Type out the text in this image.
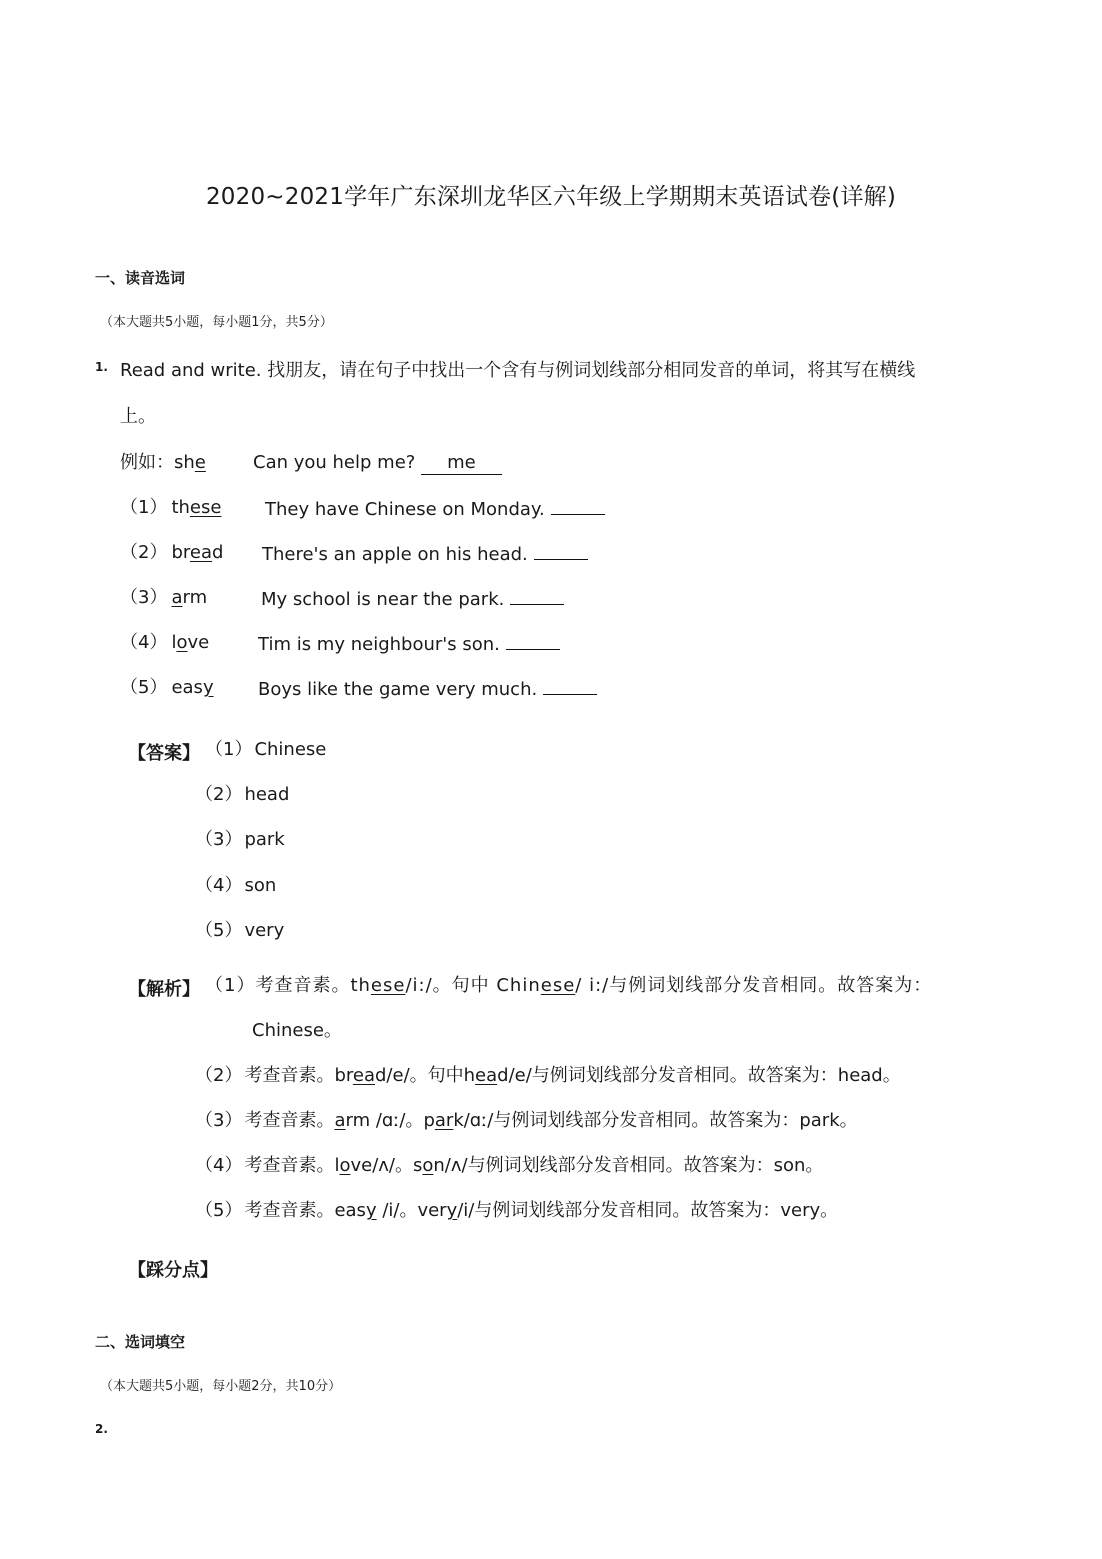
2020~2021学年广东深圳龙华区六年级上学期期末英语试卷(详解)
一、读音选词
（本大题共5小题，每小题1分，共5分）
1. Read and write. 找朋友，请在句子中找出一个含有与例词划线部分相同发音的单词，将其写在横线
上。
例如：she	Can you help me? me
（1） these They have Chinese on Monday.
（2） bread There's an apple on his head.
（3） arm	My school is near the park.
（4） love	Tim is my neighbour's son.
（5） easy Boys like the game very much.
【答案】 （1） Chinese
（2） head
（3） park
（4） son
（5） very
【解析】 （1）考查音素。these/i:/。句中 Chinese/ i:/与例词划线部分发音相同。故答案为：
Chinese。
（2） 考查音素。bread/e/。句中head/e/与例词划线部分发音相同。故答案为：head。
（3） 考查音素。arm /ɑː/。park/ɑː/与例词划线部分发音相同。故答案为：park。
（4） 考查音素。love/ʌ/。son/ʌ/与例词划线部分发音相同。故答案为：son。
（5） 考查音素。easy /i/。very/i/与例词划线部分发音相同。故答案为：very。
【踩分点】
二、选词填空
（本大题共5小题，每小题2分，共10分）
2.
